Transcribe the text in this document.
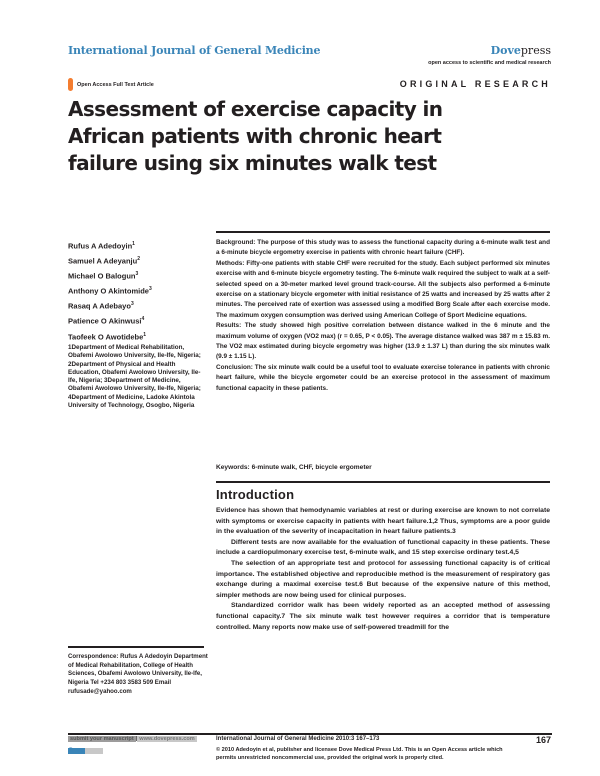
International Journal of General Medicine	Dovepress
open access to scientific and medical research
Open Access Full Text Article	ORIGINAL RESEARCH
Assessment of exercise capacity in African patients with chronic heart failure using six minutes walk test
Rufus A Adedoyin$^1$
Samuel A Adeyanju$^2$
Michael O Balogun$^3$
Anthony O Akintomide$^3$
Rasaq A Adebayo$^3$
Patience O Akinwusi$^4$
Taofeek O Awotidebe$^1$
1Department of Medical Rehabilitation, Obafemi Awolowo University, Ile-Ife, Nigeria; 2Department of Physical and Health Education, Obafemi Awolowo University, Ile-Ife, Nigeria; 3Department of Medicine, Obafemi Awolowo University, Ile-Ife, Nigeria; 4Department of Medicine, Ladoke Akintola University of Technology, Osogbo, Nigeria

Background: The purpose of this study was to assess the functional capacity during a 6-minute walk test and a 6-minute bicycle ergometry exercise in patients with chronic heart failure (CHF).

Methods: Fifty-one patients with stable CHF were recruited for the study. Each subject performed six minutes exercise with and 6-minute bicycle ergometry testing. The 6-minute walk required the subject to walk at a self-selected speed on a 30-meter marked level ground track-course. All the subjects also performed a 6-minute exercise on a stationary bicycle ergometer with initial resistance of 25 watts and increased by 25 watts after 2 minutes. The perceived rate of exertion was assessed using a modified Borg Scale after each exercise mode. The maximum oxygen consumption was derived using American College of Sport Medicine equations.

Results: The study showed high positive correlation between distance walked in the 6 minute and the maximum volume of oxygen (VO2 max) (r = 0.65, P < 0.05). The average distance walked was 387 m ± 15.83 m. The VO2 max estimated during bicycle ergometry was higher (13.9 ± 1.37 L) than during the six minutes walk (9.9 ± 1.15 L).

Conclusion: The six minute walk could be a useful tool to evaluate exercise tolerance in patients with chronic heart failure, while the bicycle ergometer could be an exercise protocol in the assessment of maximum functional capacity in these patients.

Keywords: 6-minute walk, CHF, bicycle ergometer
Introduction

Evidence has shown that hemodynamic variables at rest or during exercise are known to not correlate with symptoms or exercise capacity in patients with heart failure.1,2 Thus, symptoms are a poor guide in the evaluation of the severity of incapacitation in heart failure patients.3

Different tests are now available for the evaluation of functional capacity in these patients. These include a cardiopulmonary exercise test, 6-minute walk, and 15 step exercise ordinary test.4,5

The selection of an appropriate test and protocol for assessing functional capacity is of critical importance. The established objective and reproducible method is the measurement of respiratory gas exchange during a maximal exercise test.6 But because of the expensive nature of this method, simpler methods are now being used for clinical purposes.

Standardized corridor walk has been widely reported as an accepted method of assessing functional capacity.7 The six minute walk test however requires a corridor that is temperature controlled. Many reports now make use of self-powered treadmill for the

Correspondence: Rufus A Adedoyin Department of Medical Rehabilitation, College of Health Sciences, Obafemi Awolowo University, Ile-Ife, Nigeria Tel +234 803 3583 509 Email rufusade@yahoo.com
submit your manuscript www.dovepress.com
Dove press
International Journal of General Medicine 2010:3 167–173
© 2010 Adedoyin et al, publisher and licensee Dove Medical Press Ltd. This is an Open Access article which permits unrestricted noncommercial use, provided the original work is properly cited.
167
